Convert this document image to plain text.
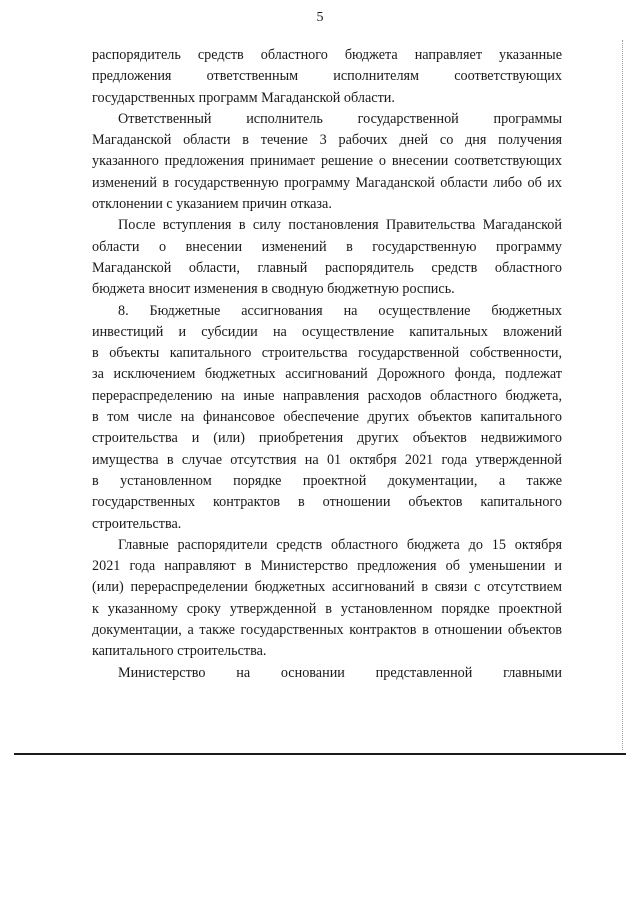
5
распорядитель средств областного бюджета направляет указанные
предложения ответственным исполнителям соответствующих
государственных программ Магаданской области.
Ответственный исполнитель государственной программы
Магаданской области в течение 3 рабочих дней со дня получения
указанного предложения принимает решение о внесении соответствующих
изменений в государственную программу Магаданской области либо об их
отклонении с указанием причин отказа.
После вступления в силу постановления Правительства Магаданской
области о внесении изменений в государственную программу
Магаданской области, главный распорядитель средств областного
бюджета вносит изменения в сводную бюджетную роспись.
8. Бюджетные ассигнования на осуществление бюджетных
инвестиций и субсидии на осуществление капитальных вложений
в объекты капитального строительства государственной собственности,
за исключением бюджетных ассигнований Дорожного фонда, подлежат
перераспределению на иные направления расходов областного бюджета,
в том числе на финансовое обеспечение других объектов капитального
строительства и (или) приобретения других объектов недвижимого
имущества в случае отсутствия на 01 октября 2021 года утвержденной
в установленном порядке проектной документации, а также
государственных контрактов в отношении объектов капитального
строительства.
Главные распорядители средств областного бюджета до 15 октября
2021 года направляют в Министерство предложения об уменьшении и
(или) перераспределении бюджетных ассигнований в связи с отсутствием
к указанному сроку утвержденной в установленном порядке проектной
документации, а также государственных контрактов в отношении объектов
капитального строительства.
Министерство на основании представленной главными
